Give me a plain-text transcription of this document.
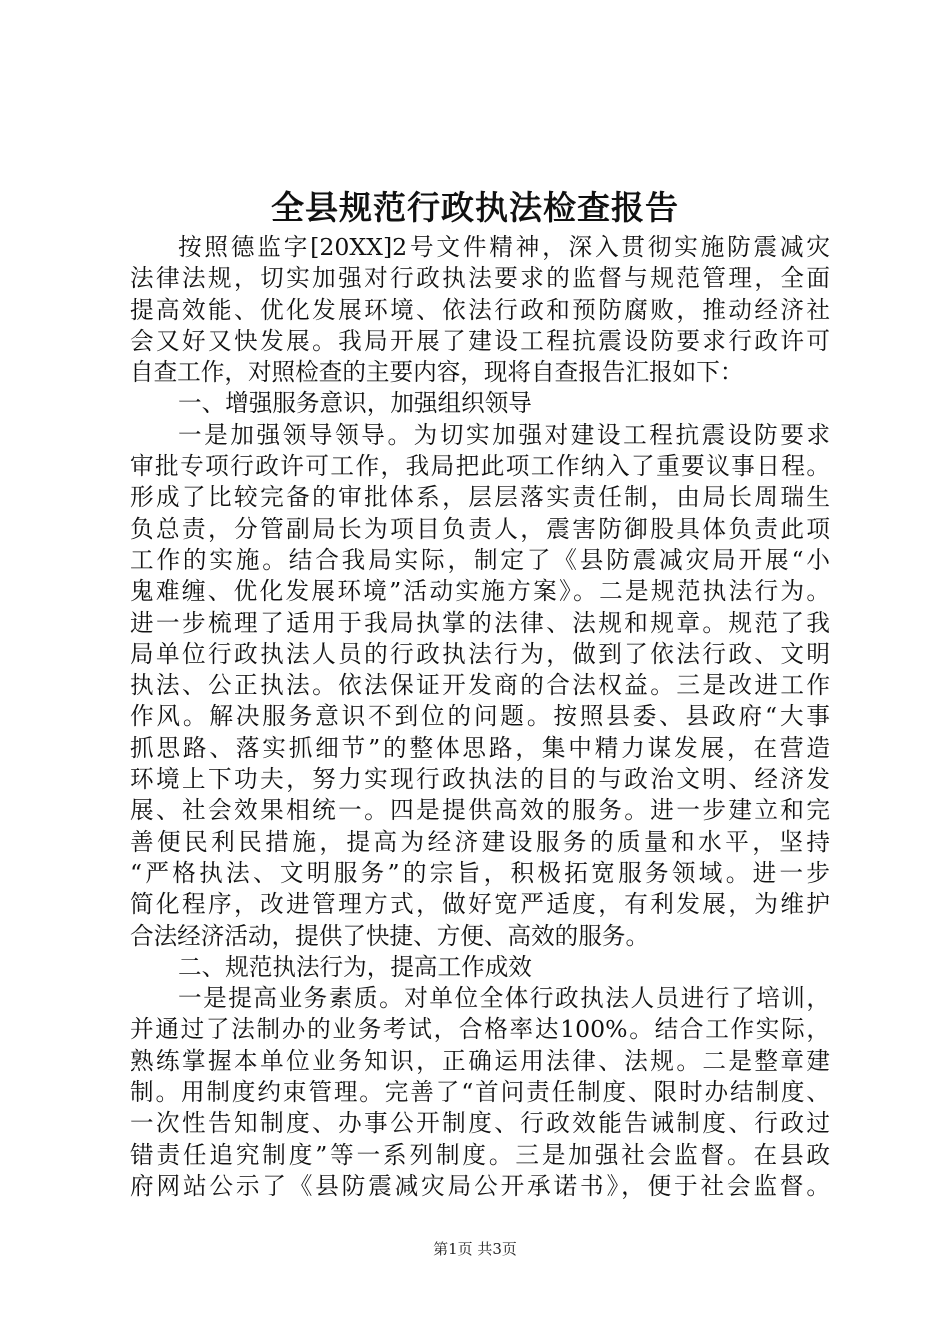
全县规范行政执法检查报告
按照德监字[20XX]2号文件精神，深入贯彻实施防震减灾
法律法规，切实加强对行政执法要求的监督与规范管理，全面
提高效能、优化发展环境、依法行政和预防腐败，推动经济社
会又好又快发展。我局开展了建设工程抗震设防要求行政许可
自查工作，对照检查的主要内容，现将自查报告汇报如下：
一、增强服务意识，加强组织领导
一是加强领导领导。为切实加强对建设工程抗震设防要求
审批专项行政许可工作，我局把此项工作纳入了重要议事日程。
形成了比较完备的审批体系，层层落实责任制，由局长周瑞生
负总责，分管副局长为项目负责人，震害防御股具体负责此项
工作的实施。结合我局实际，制定了《县防震减灾局开展“小
鬼难缠、优化发展环境”活动实施方案》。二是规范执法行为。
进一步梳理了适用于我局执掌的法律、法规和规章。规范了我
局单位行政执法人员的行政执法行为，做到了依法行政、文明
执法、公正执法。依法保证开发商的合法权益。三是改进工作
作风。解决服务意识不到位的问题。按照县委、县政府“大事
抓思路、落实抓细节”的整体思路，集中精力谋发展，在营造
环境上下功夫，努力实现行政执法的目的与政治文明、经济发
展、社会效果相统一。四是提供高效的服务。进一步建立和完
善便民利民措施，提高为经济建设服务的质量和水平，坚持
“严格执法、文明服务”的宗旨，积极拓宽服务领域。进一步
简化程序，改进管理方式，做好宽严适度，有利发展，为维护
合法经济活动，提供了快捷、方便、高效的服务。
二、规范执法行为，提高工作成效
一是提高业务素质。对单位全体行政执法人员进行了培训，
并通过了法制办的业务考试，合格率达100%。结合工作实际，
熟练掌握本单位业务知识，正确运用法律、法规。二是整章建
制。用制度约束管理。完善了“首问责任制度、限时办结制度、
一次性告知制度、办事公开制度、行政效能告诫制度、行政过
错责任追究制度”等一系列制度。三是加强社会监督。在县政
府网站公示了《县防震减灾局公开承诺书》，便于社会监督。
第1页 共3页
